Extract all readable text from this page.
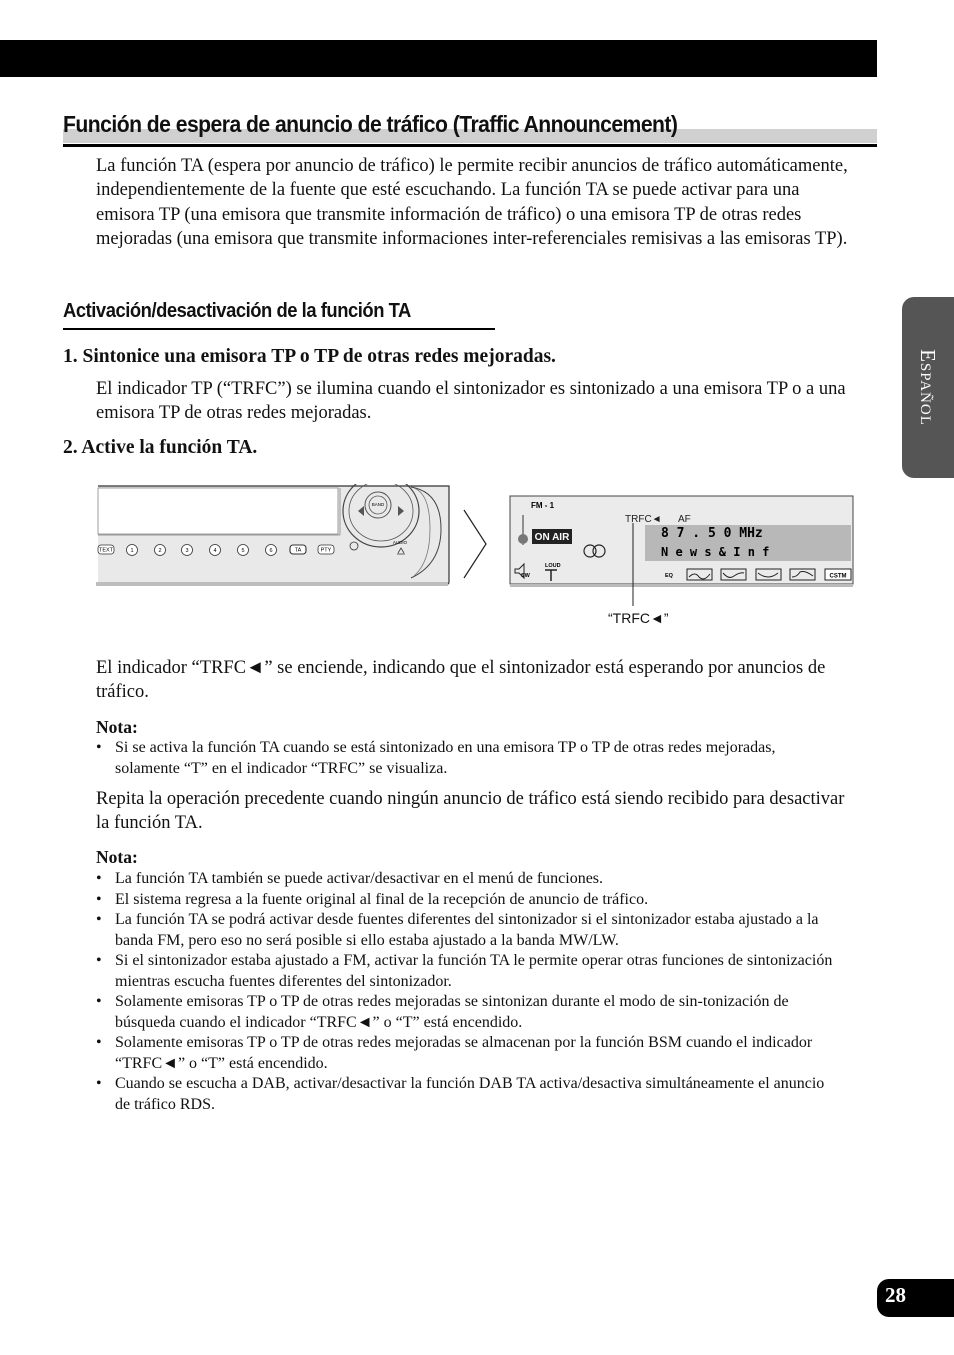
Función de espera de anuncio de tráfico (Traffic Announcement)

La función TA (espera por anuncio de tráfico) le permite recibir anuncios de tráfico automáticamente, independientemente de la fuente que esté escuchando. La función TA se puede activar para una emisora TP (una emisora que transmite información de tráfico) o una emisora TP de otras redes mejoradas (una emisora que transmite informaciones inter-referenciales remisivas a las emisoras TP).

Activación/desactivación de la función TA

1. Sintonice una emisora TP o TP de otras redes mejoradas.

El indicador TP (“TRFC”) se ilumina cuando el sintonizador es sintonizado a una emisora TP o a una emisora TP de otras redes mejoradas.

2. Active la función TA.

BAND
AUDIO
TEXT	1	2	3	4	5	6	TA	PTY
FM - 1
TRFC◄ AF
8 7 . 5 0 MHz
N e w s & I n f
ON AIR
SW
LOUD
EQ	CSTM
“TRFC◄”

El indicador “TRFC◄” se enciende, indicando que el sintonizador está esperando por anuncios de tráfico.

Nota:

• Si se activa la función TA cuando se está sintonizado en una emisora TP o TP de otras redes mejoradas, solamente “T” en el indicador “TRFC” se visualiza.

Repita la operación precedente cuando ningún anuncio de tráfico está siendo recibido para desactivar la función TA.

Nota:

• La función TA también se puede activar/desactivar en el menú de funciones.
• El sistema regresa a la fuente original al final de la recepción de anuncio de tráfico.
• La función TA se podrá activar desde fuentes diferentes del sintonizador si el sintonizador estaba ajustado a la banda FM, pero eso no será posible si ello estaba ajustado a la banda MW/LW.
• Si el sintonizador estaba ajustado a FM, activar la función TA le permite operar otras funciones de sintonización mientras escucha fuentes diferentes del sintonizador.
• Solamente emisoras TP o TP de otras redes mejoradas se sintonizan durante el modo de sin-tonización de búsqueda cuando el indicador “TRFC◄” o “T” está encendido.
• Solamente emisoras TP o TP de otras redes mejoradas se almacenan por la función BSM cuando el indicador “TRFC◄” o “T” está encendido.
• Cuando se escucha a DAB, activar/desactivar la función DAB TA activa/desactiva simultáneamente el anuncio de tráfico RDS.
Español
28
